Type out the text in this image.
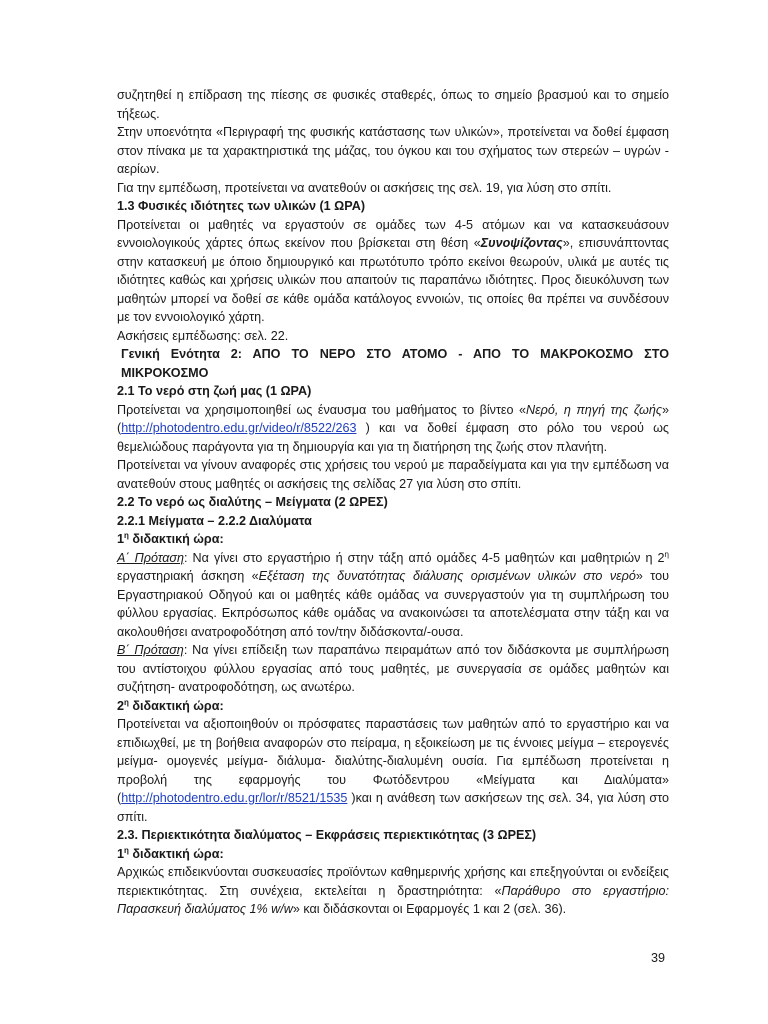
συζητηθεί η επίδραση της πίεσης σε φυσικές σταθερές, όπως το σημείο βρασμού και το σημείο τήξεως.

Στην υποενότητα «Περιγραφή της φυσικής κατάστασης των υλικών», προτείνεται να δοθεί έμφαση στον πίνακα με τα χαρακτηριστικά της μάζας, του όγκου και του σχήματος των στερεών – υγρών - αερίων.

Για την εμπέδωση, προτείνεται να ανατεθούν οι ασκήσεις της σελ. 19, για λύση στο σπίτι.

1.3 Φυσικές ιδιότητες των υλικών (1 ΩΡΑ)

Προτείνεται οι μαθητές να εργαστούν σε ομάδες των 4-5 ατόμων και να κατασκευάσουν εννοιολογικούς χάρτες όπως εκείνον που βρίσκεται στη θέση «Συνοψίζοντας», επισυνάπτοντας στην κατασκευή με όποιο δημιουργικό και πρωτότυπο τρόπο εκείνοι θεωρούν, υλικά με αυτές τις ιδιότητες καθώς και χρήσεις υλικών που απαιτούν τις παραπάνω ιδιότητες. Προς διευκόλυνση των μαθητών μπορεί να δοθεί σε κάθε ομάδα κατάλογος εννοιών, τις οποίες θα πρέπει να συνδέσουν με τον εννοιολογικό χάρτη.

Ασκήσεις εμπέδωσης: σελ. 22.

Γενική Ενότητα 2: ΑΠΟ ΤΟ ΝΕΡΟ ΣΤΟ ΑΤΟΜΟ - ΑΠΟ ΤΟ ΜΑΚΡΟΚΟΣΜΟ ΣΤΟ ΜΙΚΡΟΚΟΣΜΟ

2.1 Το νερό στη ζωή μας (1 ΩΡΑ)

Προτείνεται να χρησιμοποιηθεί ως έναυσμα του μαθήματος το βίντεο «Νερό, η πηγή της ζωής» (http://photodentro.edu.gr/video/r/8522/263 ) και να δοθεί έμφαση στο ρόλο του νερού ως θεμελιώδους παράγοντα για τη δημιουργία και για τη διατήρηση της ζωής στον πλανήτη.

Προτείνεται να γίνουν αναφορές στις χρήσεις του νερού με παραδείγματα και για την εμπέδωση να ανατεθούν στους μαθητές οι ασκήσεις της σελίδας 27 για λύση στο σπίτι.

2.2 Το νερό ως διαλύτης – Μείγματα (2 ΩΡΕΣ)

2.2.1 Μείγματα – 2.2.2 Διαλύματα

$1^\eta$ διδακτική ώρα:

Α΄ Πρόταση: Να γίνει στο εργαστήριο ή στην τάξη από ομάδες 4-5 μαθητών και μαθητριών η $2^\eta$ εργαστηριακή άσκηση «Εξέταση της δυνατότητας διάλυσης ορισμένων υλικών στο νερό» του Εργαστηριακού Οδηγού και οι μαθητές κάθε ομάδας να συνεργαστούν για τη συμπλήρωση του φύλλου εργασίας. Εκπρόσωπος κάθε ομάδας να ανακοινώσει τα αποτελέσματα στην τάξη και να ακολουθήσει ανατροφοδότηση από τον/την διδάσκοντα/-ουσα.

Β΄ Πρόταση: Να γίνει επίδειξη των παραπάνω πειραμάτων από τον διδάσκοντα με συμπλήρωση του αντίστοιχου φύλλου εργασίας από τους μαθητές, με συνεργασία σε ομάδες μαθητών και συζήτηση- ανατροφοδότηση, ως ανωτέρω.

$2^\eta$ διδακτική ώρα:

Προτείνεται να αξιοποιηθούν οι πρόσφατες παραστάσεις των μαθητών από το εργαστήριο και να επιδιωχθεί, με τη βοήθεια αναφορών στο πείραμα, η εξοικείωση με τις έννοιες μείγμα – ετερογενές μείγμα- ομογενές μείγμα- διάλυμα- διαλύτης-διαλυμένη ουσία. Για εμπέδωση προτείνεται η προβολή της εφαρμογής του Φωτόδεντρου «Μείγματα και Διαλύματα» (http://photodentro.edu.gr/lor/r/8521/1535 )και η ανάθεση των ασκήσεων της σελ. 34, για λύση στο σπίτι.

2.3. Περιεκτικότητα διαλύματος – Εκφράσεις περιεκτικότητας (3 ΩΡΕΣ)

$1^\eta$ διδακτική ώρα:

Αρχικώς επιδεικνύονται συσκευασίες προϊόντων καθημερινής χρήσης και επεξηγούνται οι ενδείξεις περιεκτικότητας. Στη συνέχεια, εκτελείται η δραστηριότητα: «Παράθυρο στο εργαστήριο: Παρασκευή διαλύματος 1% w/w» και διδάσκονται οι Εφαρμογές 1 και 2 (σελ. 36).

39
